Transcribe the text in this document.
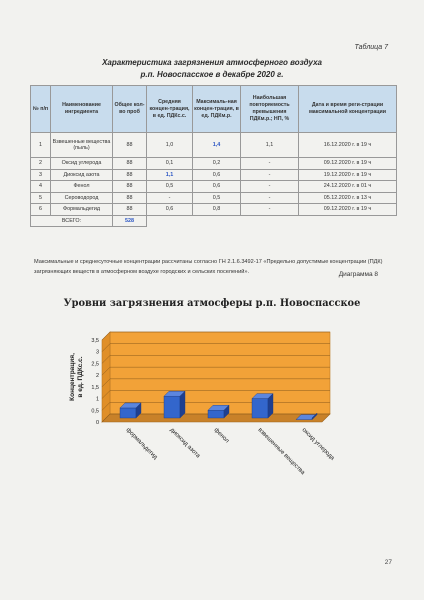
Таблица 7
Характеристика загрязнения атмосферного воздуха
р.п. Новоспасское в декабре 2020 г.
№ п/п	Наименование ингредиента	Общее кол-во проб	Средняя концен-трация, в ед. ПДКс.с.	Максималь-ная концен-трация, в ед. ПДКм.р.	Наибольшая повторяемость превышения ПДКм.р.; НП, %	Дата и время реги-страции максимальной концентрации
1	Взвешенные вещества (пыль)	88	1,0	1,4	1,1	16.12.2020 г. в 19 ч
2	Оксид углерода	88	0,1	0,2	-	09.12.2020 г. в 19 ч
3	Диоксид азота	88	1,1	0,6	-	19.12.2020 г. в 19 ч
4	Фенол	88	0,5	0,6	-	24.12.2020 г. в 01 ч
5	Сероводород	88	-	0,5	-	05.12.2020 г. в 13 ч
6	Формальдегид	88	0,6	0,8	-	09.12.2020 г. в 19 ч
ВСЕГО:		528				
Максимальные и среднесуточные концентрации рассчитаны согласно ГН 2.1.6.3492-17 «Предельно допустимые концентрации (ПДК) загрязняющих веществ в атмосферном воздухе городских и сельских поселений».	Диаграмма 8
Уровни загрязнения атмосферы р.п. Новоспасское
0
0,5
1
1,5
2
2,5
3
3,5
Концентрация,в ед. ПДКс.с.
формальдегид диоксид азота фенол	взвешенные вещества
оксид углерода
27
